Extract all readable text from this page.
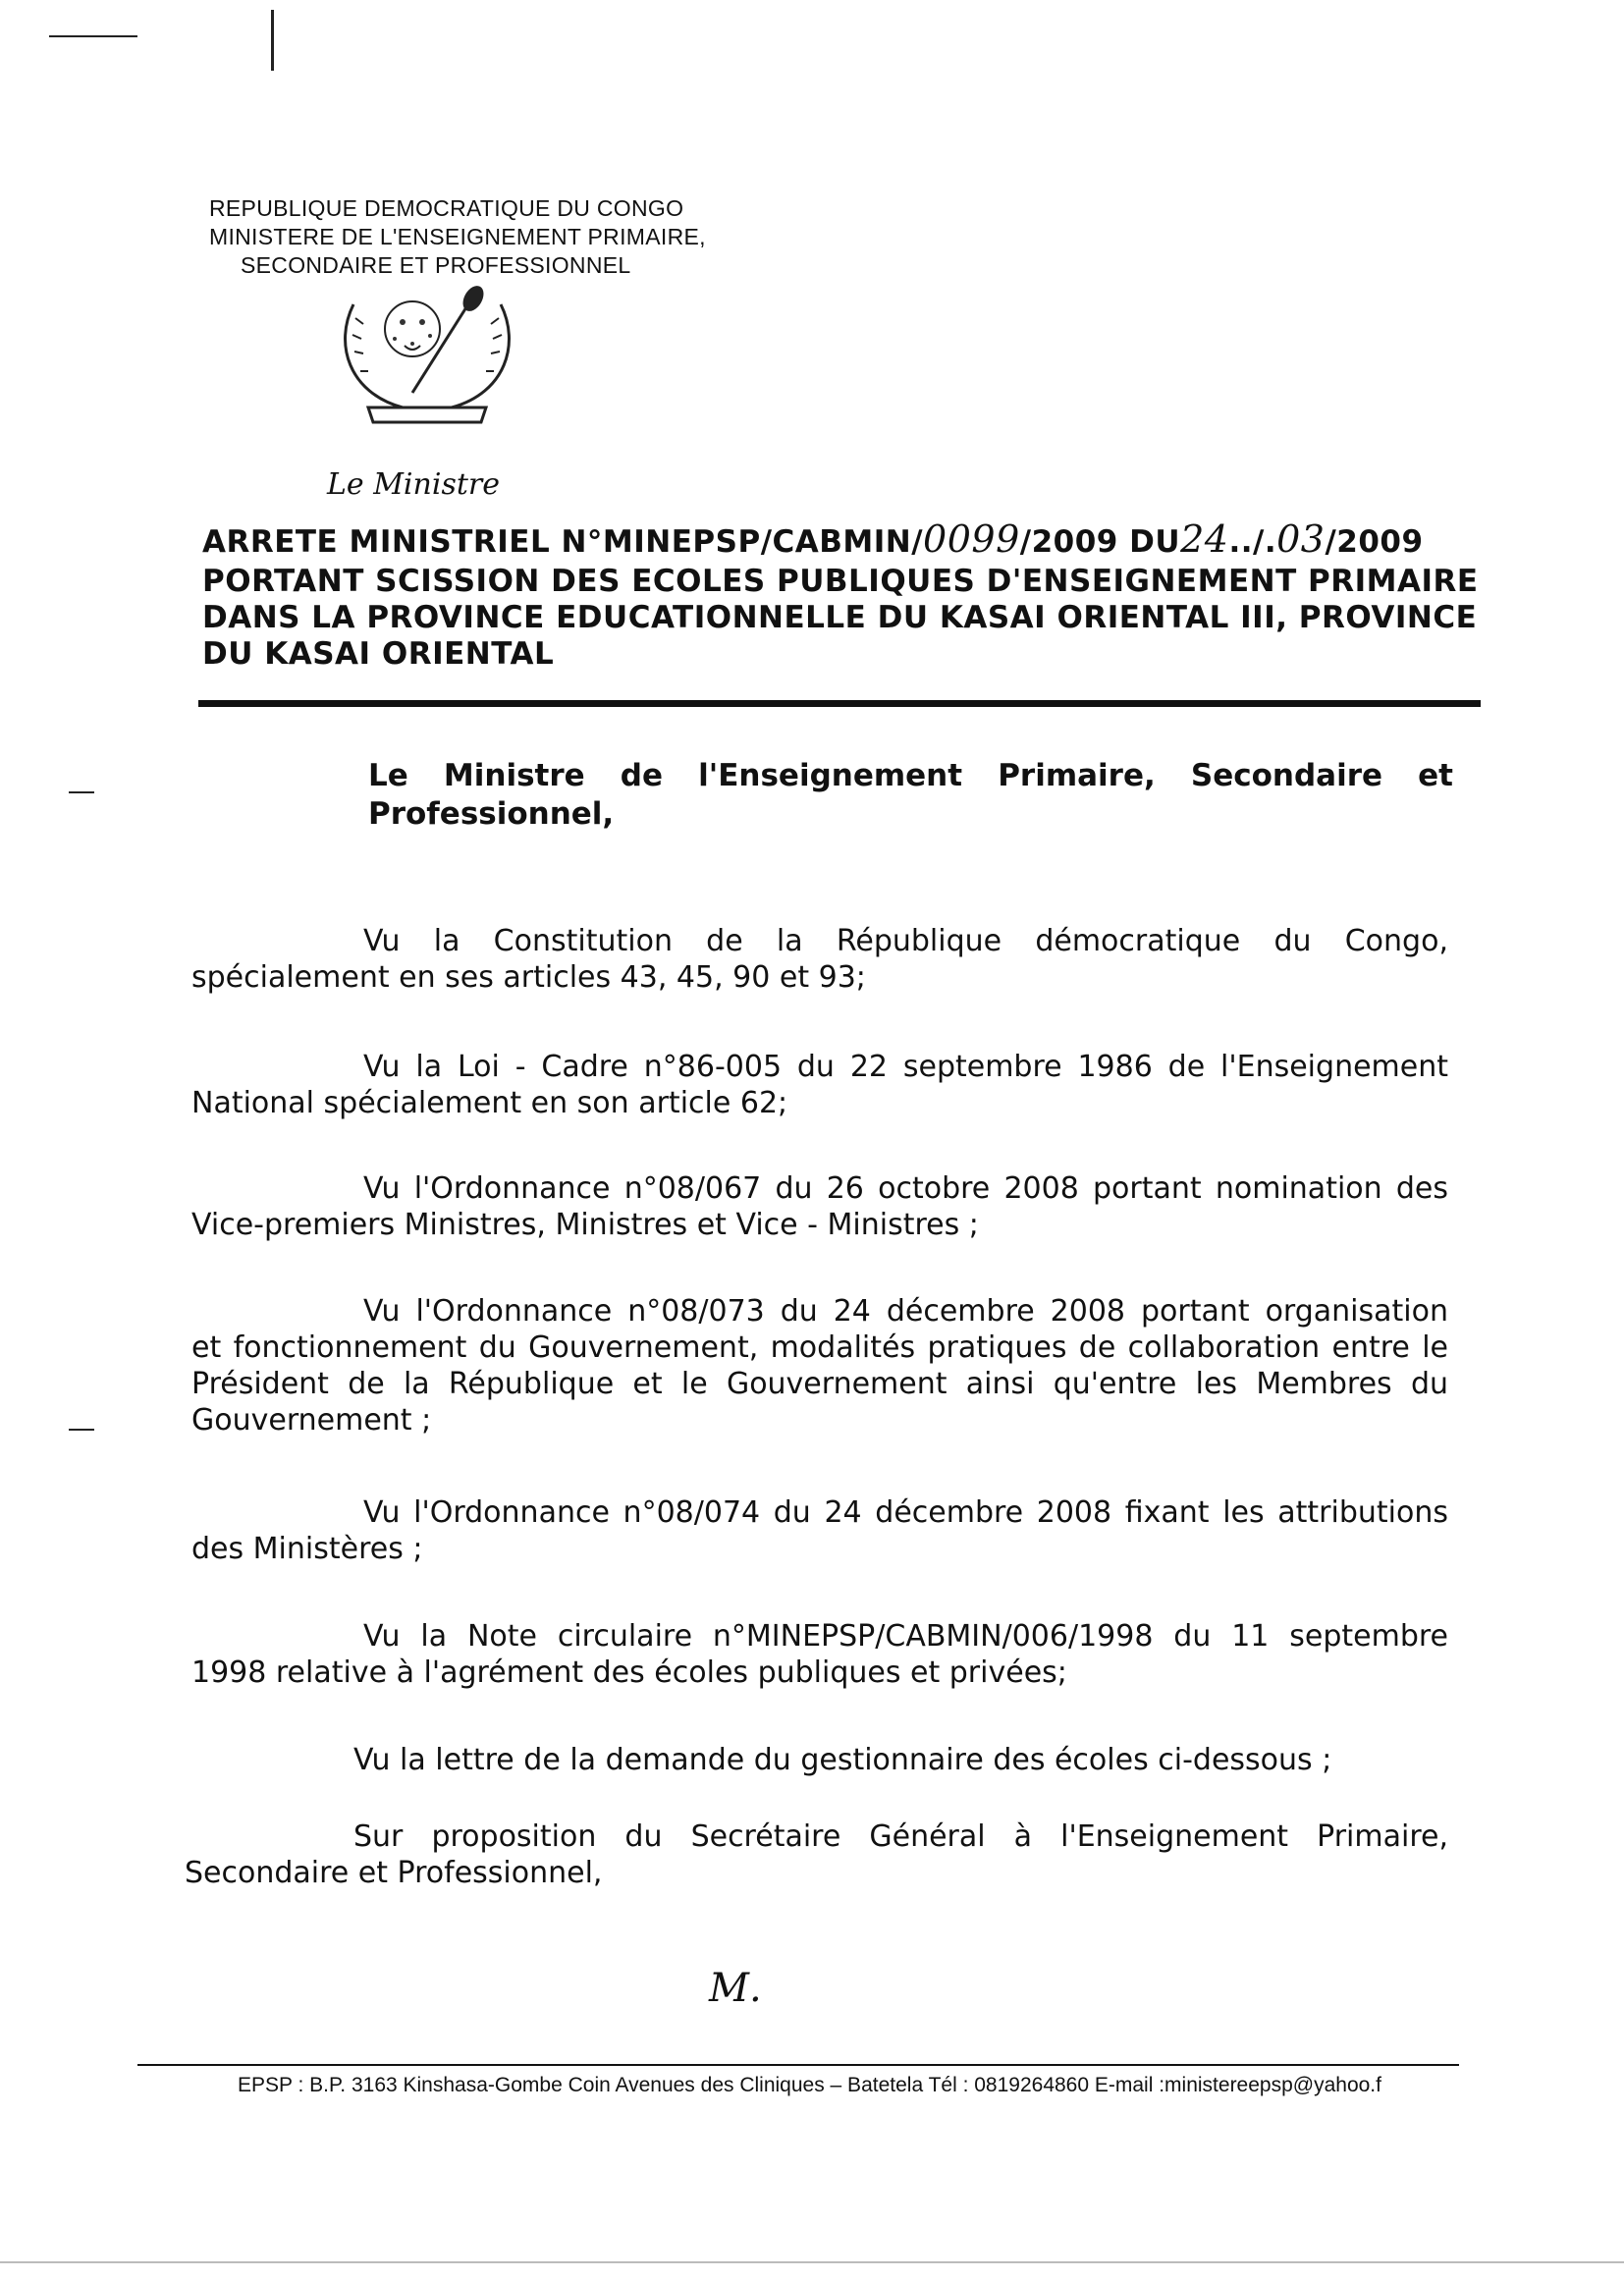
REPUBLIQUE DEMOCRATIQUE DU CONGO
MINISTERE DE L'ENSEIGNEMENT PRIMAIRE,
SECONDAIRE ET PROFESSIONNEL
Le Ministre
ARRETE MINISTRIEL N°MINEPSP/CABMIN/0099/2009 DU24../.03/2009
PORTANT SCISSION DES ECOLES PUBLIQUES D'ENSEIGNEMENT PRIMAIRE
DANS LA PROVINCE EDUCATIONNELLE DU KASAI ORIENTAL III, PROVINCE
DU KASAI ORIENTAL
Le Ministre de l'Enseignement Primaire, Secondaire et
Professionnel,
Vu la Constitution de la République démocratique du Congo,
spécialement en ses articles 43, 45, 90 et 93;
Vu la Loi - Cadre n°86-005 du 22 septembre 1986 de l'Enseignement
National spécialement en son article 62;
Vu l'Ordonnance n°08/067 du 26 octobre 2008 portant nomination des
Vice-premiers Ministres, Ministres et Vice - Ministres ;
Vu l'Ordonnance n°08/073 du 24 décembre 2008 portant organisation
et fonctionnement du Gouvernement, modalités pratiques de collaboration entre le Président de la République et le Gouvernement ainsi qu'entre les Membres du Gouvernement ;
Vu l'Ordonnance n°08/074 du 24 décembre 2008 fixant les attributions
des Ministères ;
Vu la Note circulaire n°MINEPSP/CABMIN/006/1998 du 11 septembre
1998 relative à l'agrément des écoles publiques et privées;
Vu la lettre de la demande du gestionnaire des écoles ci-dessous ;
Sur proposition du Secrétaire Général à l'Enseignement Primaire,
Secondaire et Professionnel,
M.
EPSP : B.P. 3163 Kinshasa-Gombe Coin Avenues des Cliniques – Batetela Tél : 0819264860 E-mail :ministereepsp@yahoo.f
